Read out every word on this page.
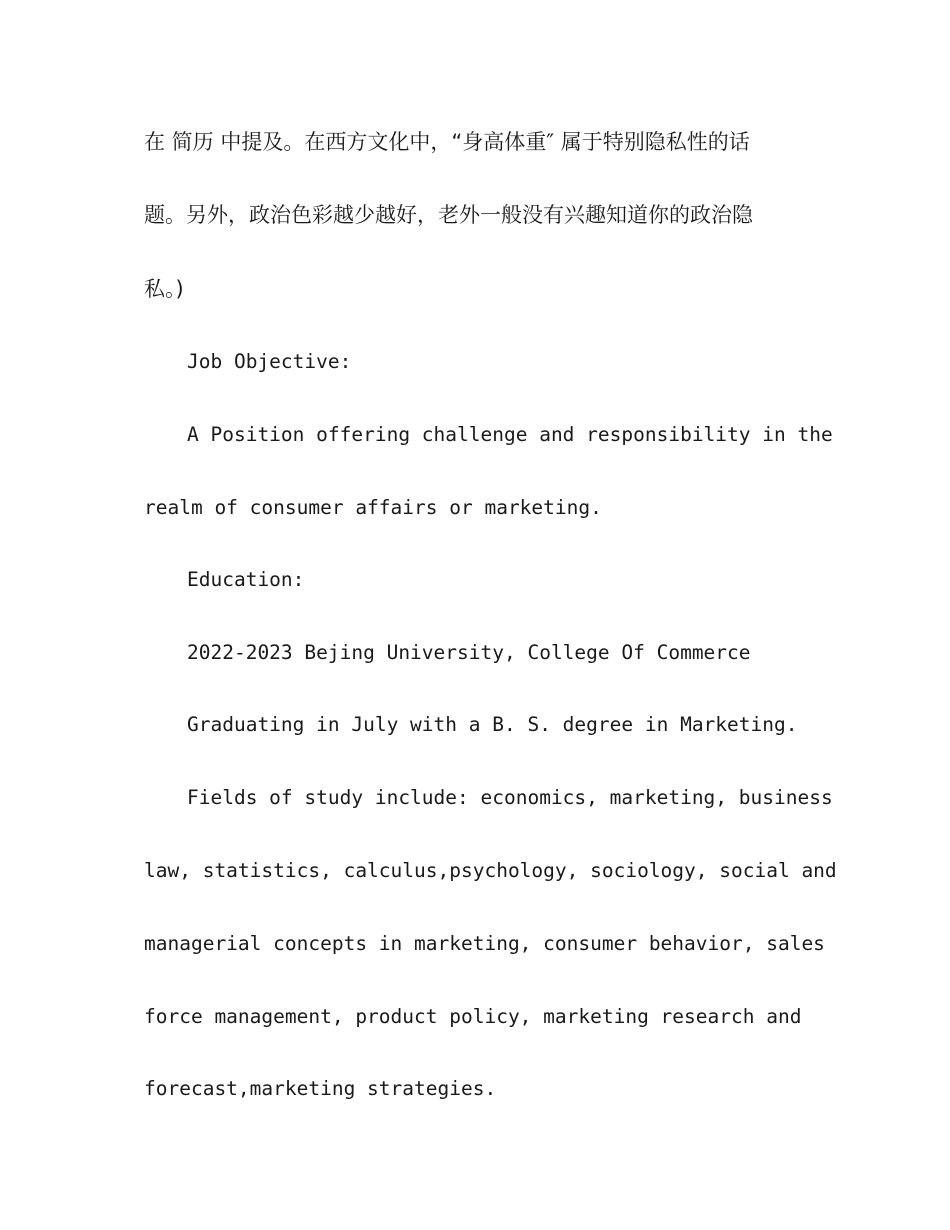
在 简历 中提及。在西方文化中，“身高体重″ 属于特别隐私性的话
题。另外，政治色彩越少越好，老外一般没有兴趣知道你的政治隐
私。)
Job Objective:
A Position offering challenge and responsibility in the
realm of consumer affairs or marketing.
Education:
2022-2023 Bejing University, College Of Commerce
Graduating in July with a B. S. degree in Marketing.
Fields of study include: economics, marketing, business
law, statistics, calculus,psychology, sociology, social and
managerial concepts in marketing, consumer behavior, sales
force management, product policy, marketing research and
forecast,marketing strategies.
